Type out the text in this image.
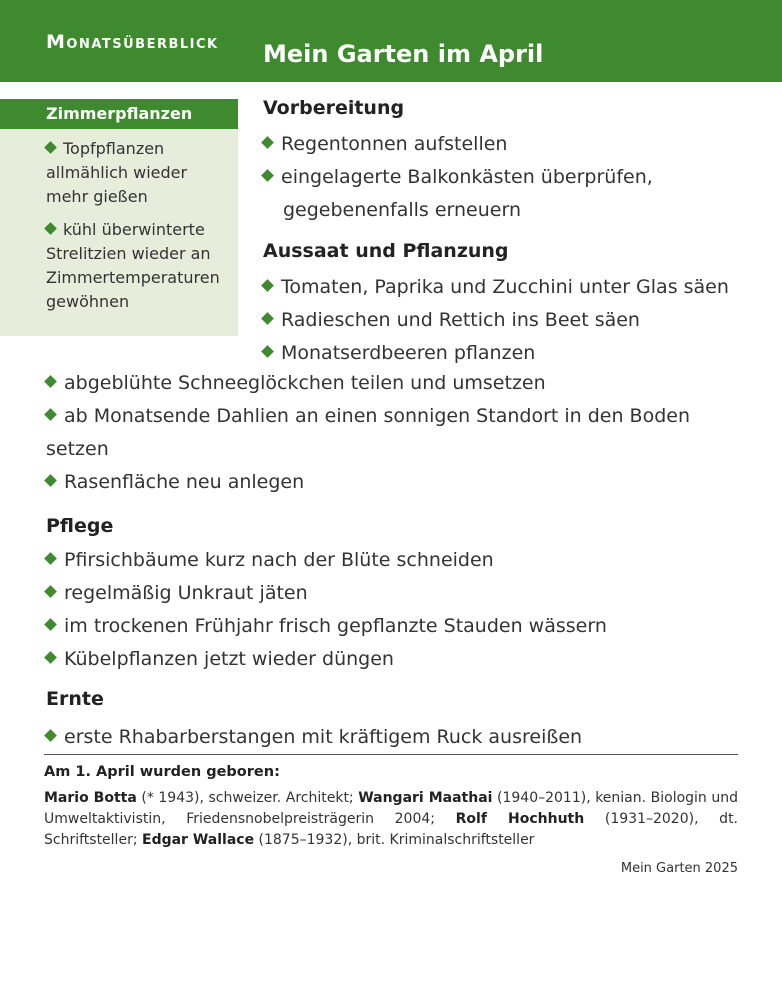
Monatsüberblick Mein Garten im April
Zimmerpflanzen
Topfpflanzen allmählich wieder mehr gießen
kühl überwinterte Strelitzien wieder an Zimmertemperaturen gewöhnen
Vorbereitung
Regentonnen aufstellen
eingelagerte Balkonkästen überprüfen,
gegebenenfalls erneuern
Aussaat und Pflanzung
Tomaten, Paprika und Zucchini unter Glas säen
Radieschen und Rettich ins Beet säen
Monatserdbeeren pflanzen
abgeblühte Schneeglöckchen teilen und umsetzen
ab Monatsende Dahlien an einen sonnigen Standort in den Boden setzen
Rasenfläche neu anlegen
Pflege
Pfirsichbäume kurz nach der Blüte schneiden
regelmäßig Unkraut jäten
im trockenen Frühjahr frisch gepflanzte Stauden wässern
Kübelpflanzen jetzt wieder düngen
Ernte
erste Rhabarberstangen mit kräftigem Ruck ausreißen
Am 1. April wurden geboren:
Mario Botta (* 1943), schweizer. Architekt; Wangari Maathai (1940–2011), kenian. Biologin und Umweltaktivistin, Friedensnobelpreisträgerin 2004; Rolf Hochhuth (1931–2020), dt. Schriftsteller; Edgar Wallace (1875–1932), brit. Kriminalschriftsteller
Mein Garten 2025
